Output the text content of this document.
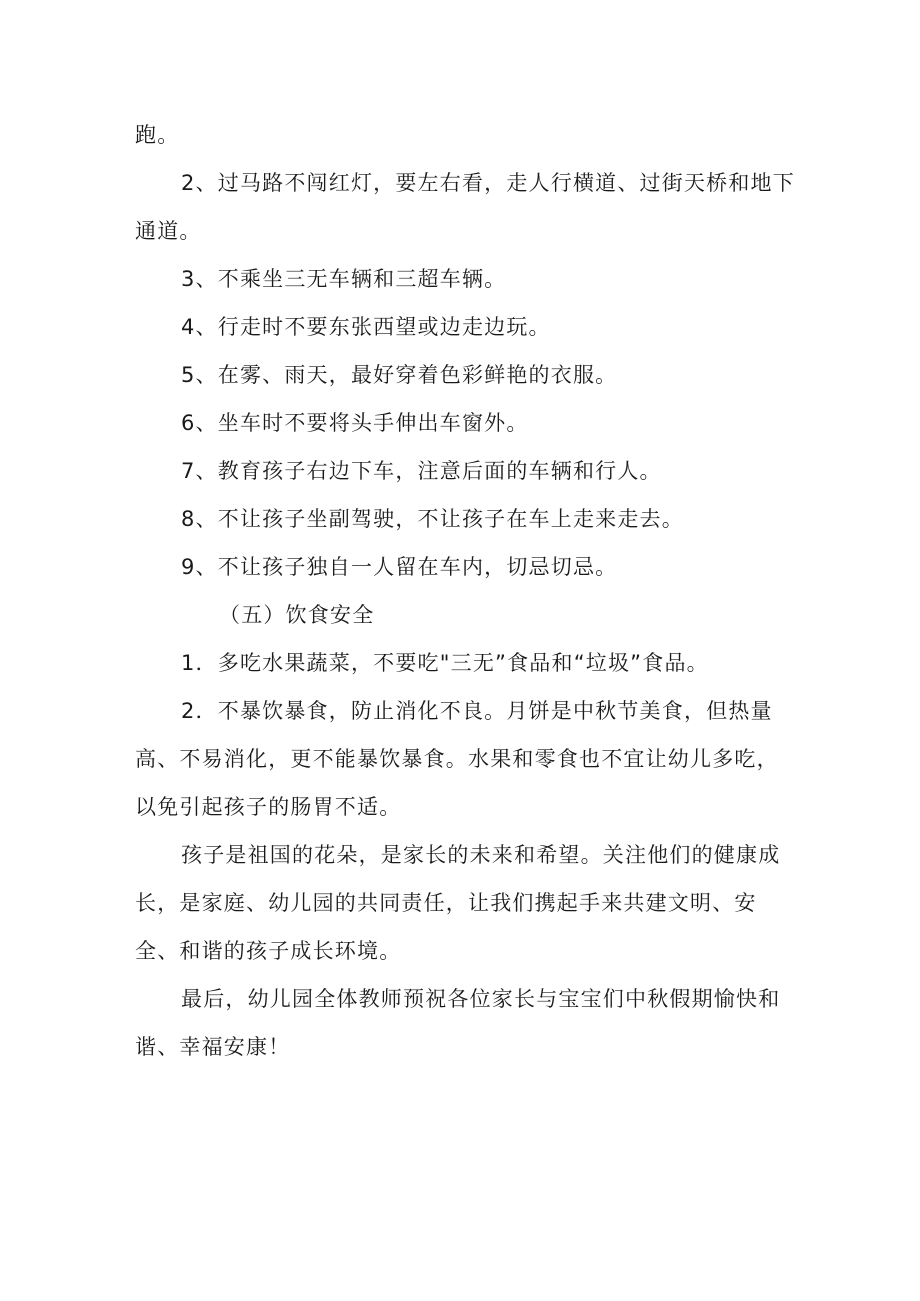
跑。

2、过马路不闯红灯，要左右看，走人行横道、过街天桥和地下通道。

3、不乘坐三无车辆和三超车辆。

4、行走时不要东张西望或边走边玩。

5、在雾、雨天，最好穿着色彩鲜艳的衣服。

6、坐车时不要将头手伸出车窗外。

7、教育孩子右边下车，注意后面的车辆和行人。

8、不让孩子坐副驾驶，不让孩子在车上走来走去。

9、不让孩子独自一人留在车内，切忌切忌。

（五）饮食安全

1．多吃水果蔬菜，不要吃"三无”食品和“垃圾”食品。

2．不暴饮暴食，防止消化不良。月饼是中秋节美食，但热量高、不易消化，更不能暴饮暴食。水果和零食也不宜让幼儿多吃，以免引起孩子的肠胃不适。

孩子是祖国的花朵，是家长的未来和希望。关注他们的健康成长，是家庭、幼儿园的共同责任，让我们携起手来共建文明、安全、和谐的孩子成长环境。

最后，幼儿园全体教师预祝各位家长与宝宝们中秋假期愉快和谐、幸福安康！
